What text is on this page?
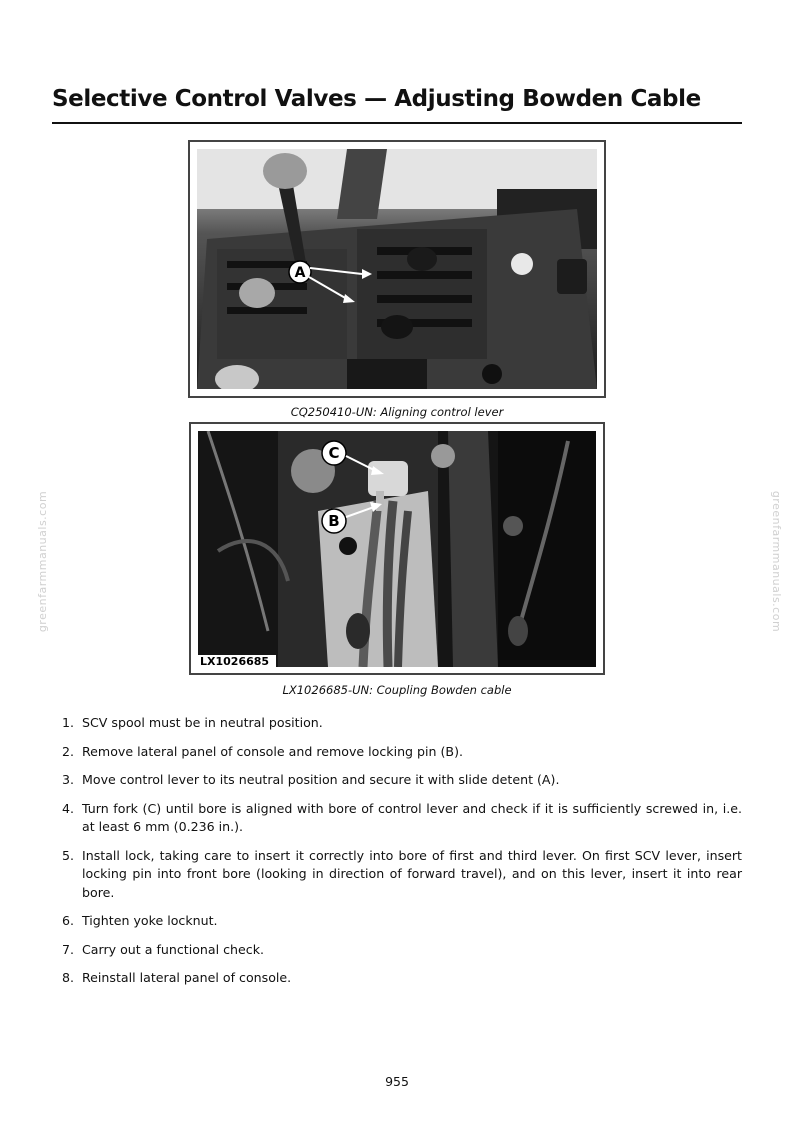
Selective Control Valves — Adjusting Bowden Cable
greenfarmmanuals.com	greenfarmmanuals.com
A
CQ250410-UN: Aligning control lever
LX1026685
C
B
LX1026685-UN: Coupling Bowden cable
1. SCV spool must be in neutral position.
2. Remove lateral panel of console and remove locking pin (B).
3. Move control lever to its neutral position and secure it with slide detent (A).
4. Turn fork (C) until bore is aligned with bore of control lever and check if it is sufficiently screwed in, i.e. at least 6 mm (0.236 in.).
5. Install lock, taking care to insert it correctly into bore of first and third lever. On first SCV lever, insert locking pin into front bore (looking in direction of forward travel), and on this lever, insert it into rear bore.
6. Tighten yoke locknut.
7. Carry out a functional check.
8. Reinstall lateral panel of console.
955
